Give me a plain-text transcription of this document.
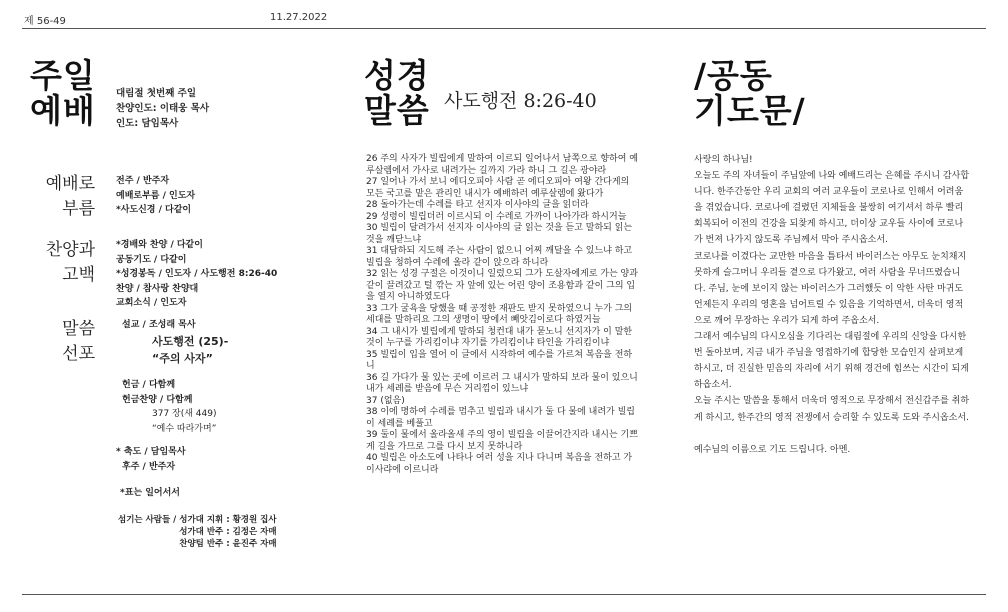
제 56-49	11.27.2022
주일
예배 대림절 첫번째 주일
찬양인도: 이태웅 목사
인도: 담임목사
예배로
부름
전주 / 반주자
예배로부름 / 인도자
*사도신경 / 다같이
찬양과
고백
*경배와 찬양 / 다같이
공동기도 / 다같이
*성경봉독 / 인도자 / 사도행전 8:26-40
찬양 / 참사랑 찬양대
교회소식 / 인도자
말씀
선포
설교 / 조성래 목사
사도행전 (25)-
“주의 사자”
헌금 / 다함께
헌금찬양 / 다함께
377 장(새 449)
“예수 따라가며”
* 축도 / 담임목사
후주 / 반주자
*표는 일어서서
섬기는 사람들 / 성가대 지휘 : 황경원 집사
성가대 반주 : 김정은 자매
찬양팀 반주 : 윤진주 자매
성경
말씀 사도행전 8:26-40

26 주의 사자가 빌립에게 말하여 이르되 일어나서 남쪽으로 향하여 예루살렘에서 가사로 내려가는 길까지 가라 하니 그 길은 광야라

27 일어나 가서 보니 에디오피아 사람 곧 에디오피아 여왕 간다게의 모든 국고를 맡은 관리인 내시가 예배하러 예루살렘에 왔다가

28 돌아가는데 수레를 타고 선지자 이사야의 글을 읽더라

29 성령이 빌립더러 이르시되 이 수레로 가까이 나아가라 하시거늘

30 빌립이 달려가서 선지자 이사야의 글 읽는 것을 듣고 말하되 읽는 것을 깨닫느냐

31 대답하되 지도해 주는 사람이 없으니 어찌 깨달을 수 있느냐 하고 빌립을 청하여 수레에 올라 같이 앉으라 하니라

32 읽는 성경 구절은 이것이니 일렀으되 그가 도살자에게로 가는 양과 같이 끌려갔고 털 깎는 자 앞에 있는 어린 양이 조용함과 같이 그의 입을 열지 아니하였도다

33 그가 굴욕을 당했을 때 공정한 재판도 받지 못하였으니 누가 그의 세대를 말하리요 그의 생명이 땅에서 빼앗김이로다 하였거늘

34 그 내시가 빌립에게 말하되 청컨대 내가 묻노니 선지자가 이 말한 것이 누구를 가리킴이냐 자기를 가리킴이냐 타인을 가리킴이냐

35 빌립이 입을 열어 이 글에서 시작하여 예수를 가르쳐 복음을 전하니

36 길 가다가 물 있는 곳에 이르러 그 내시가 말하되 보라 물이 있으니 내가 세례를 받음에 무슨 거리낌이 있느냐

37 (없음)

38 이에 명하여 수레를 멈추고 빌립과 내시가 둘 다 물에 내려가 빌립이 세례를 베풀고

39 둘이 물에서 올라올새 주의 영이 빌립을 이끌어간지라 내시는 기쁘게 길을 가므로 그를 다시 보지 못하니라

40 빌립은 아소도에 나타나 여러 성을 지나 다니며 복음을 전하고 가이사랴에 이르니라

/공동
기도문/

사랑의 하나님!

오늘도 주의 자녀들이 주님앞에 나와 예배드리는 은혜를 주시니 감사합니다. 한주간동안 우리 교회의 여러 교우들이 코로나로 인해서 어려움을 겪었습니다. 코로나에 걸렸던 지체들을 불쌍히 여기셔서 하루 빨리 회복되어 이전의 건강을 되찾게 하시고, 더이상 교우들 사이에 코로나가 번져 나가지 않도록 주님께서 막아 주시옵소서.

코로나를 이겼다는 교만한 마음을 틈타서 바이러스는 아무도 눈치채지 못하게 슬그머니 우리들 곁으로 다가왔고, 여러 사람을 무너뜨렸습니다. 주님, 눈에 보이지 않는 바이러스가 그러했듯 이 악한 사탄 마귀도 언제든지 우리의 영혼을 넘어트릴 수 있음을 기억하면서, 더욱더 영적으로 깨어 무장하는 우리가 되게 하여 주옵소서.

그래서 예수님의 다시오심을 기다리는 대림절에 우리의 신앙을 다시한번 돌아보며, 지금 내가 주님을 영접하기에 합당한 모습인지 살펴보게 하시고, 더 진실한 믿음의 자리에 서기 위해 경건에 힘쓰는 시간이 되게 하옵소서.

오늘 주시는 말씀을 통해서 더욱더 영적으로 무장해서 전신갑주를 취하게 하시고, 한주간의 영적 전쟁에서 승리할 수 있도록 도와 주시옵소서.

예수님의 이름으로 기도 드립니다. 아멘.
